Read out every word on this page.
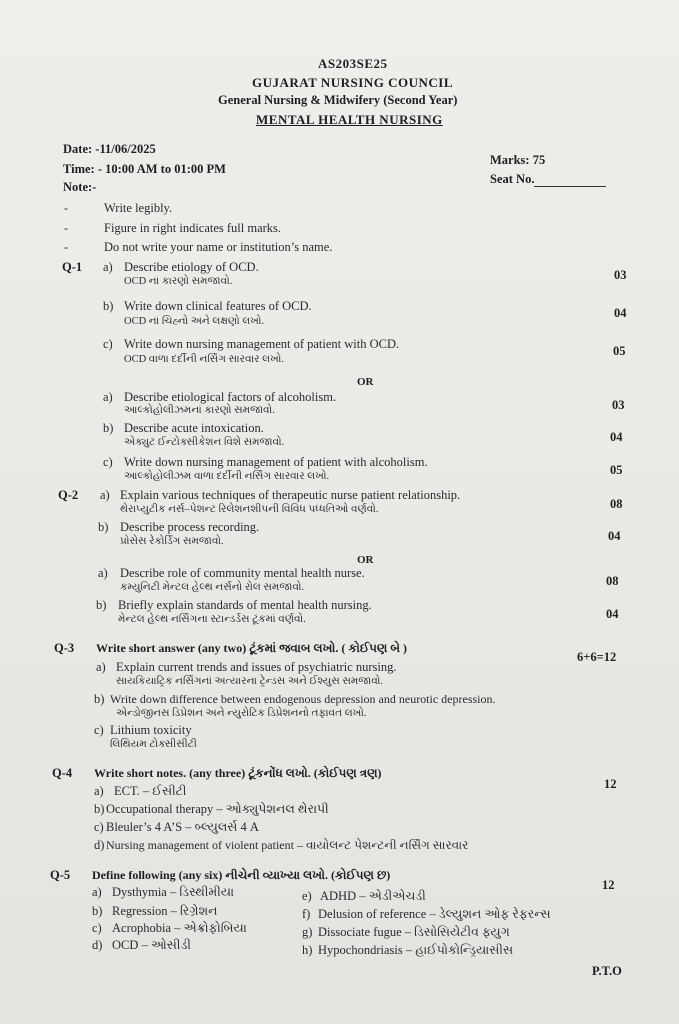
AS203SE25
GUJARAT NURSING COUNCIL
General Nursing & Midwifery (Second Year)
MENTAL HEALTH NURSING
Date: -11/06/2025
Time: - 10:00 AM to 01:00 PM
Note:-
Marks: 75
Seat No.
-	Write legibly.
-	Figure in right indicates full marks.
-	Do not write your name or institution’s name.
Q-1 a) Describe etiology of OCD.
OCD નાં કારણો સમજાવો.	03
b) Write down clinical features of OCD.
OCD નાં ચિહ્નો અને લક્ષણો લખો.
04
c) Write down nursing management of patient with OCD.
OCD વાળા દર્દીની નર્સિંગ સારવાર લખો.
05
OR
a) Describe etiological factors of alcoholism.
આલ્કોહોલીઝમનાં કારણો સમજાવો.	03
b) Describe acute intoxication.
એક્યુટ ઈન્ટોક્સીકેશન વિશે સમજાવો.	04
c) Write down nursing management of patient with alcoholism.
આલ્કોહોલીઝમ વાળા દર્દીની નર્સિંગ સારવાર લખો.	05
Q-2 a) Explain various techniques of therapeutic nurse patient relationship.
થેરાપ્યુટીક નર્સ–પેશન્ટ રિલેશનશીપની વિવિધ પધ્ધતિઓ વર્ણવો.	08
b) Describe process recording.
પ્રોસેસ રેકોર્ડિંગ સમજાવો.	04
OR
a) Describe role of community mental health nurse.
કમ્યુનિટી મેન્ટલ હેલ્થ નર્સનો રોલ સમજાવો.	08
b) Briefly explain standards of mental health nursing.
મેન્ટલ હેલ્થ નર્સિંગના સ્ટાન્ડર્ડસ ટૂંકમાં વર્ણવો.	04
Q-3 Write short answer (any two) ટૂંકમાં જવાબ લખો. ( કોઈપણ બે )
6+6=12
a) Explain current trends and issues of psychiatric nursing.
સાયકિયાટ્રિક નર્સિંગનાં અત્યારના ટ્રેન્ડસ અને ઈશ્યુસ સમજાવો.
b) Write down difference between endogenous depression and neurotic depression.
એન્ડોજીનસ ડિપ્રેશન અને ન્યુરોટિક ડિપ્રેશનનો તફાવત લખો.
c) Lithium toxicity
લિથિયમ ટોક્સીસીટી
Q-4 Write short notes. (any three) ટૂંકનોંધ લખો. (કોઈપણ ત્રણ)
12
a) ECT. – ઈસીટી
b) Occupational therapy – ઓક્યુપેશનલ થેરાપી
c) Bleuler’s 4 A’S – બ્લ્યુલર્સ 4 A
d) Nursing management of violent patient – વાયોલન્ટ પેશન્ટની નર્સિંગ સારવાર
Q-5 Define following (any six) નીચેની વ્યાખ્યા લખો. (કોઈપણ છ)
12
a) Dysthymia – ડિસ્થીમીયા
b) Regression – રિગ્રેશન
c) Acrophobia – એક્રોફોબિયા
d) OCD – ઓસીડી
e) ADHD – એડીએચડી
f) Delusion of reference – ડેલ્યુશન ઓફ રેફરન્સ
g) Dissociate fugue – ડિસોસિયેટીવ ફ્યુગ
h) Hypochondriasis – હાઈપોકોન્ડ્રિયાસીસ
P.T.O
